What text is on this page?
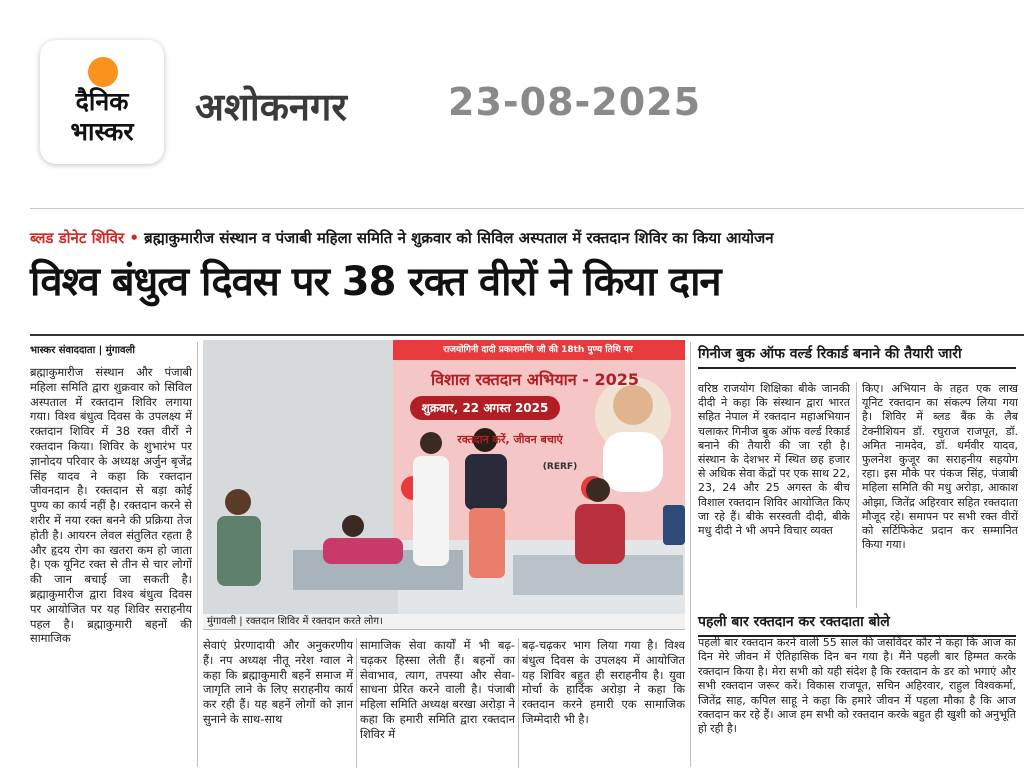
दैनिक
भास्कर
अशोकनगर	23-08-2025
ब्लड डोनेट शिविर • ब्रह्माकुमारीज संस्थान व पंजाबी महिला समिति ने शुक्रवार को सिविल अस्पताल में रक्तदान शिविर का किया आयोजन
विश्व बंधुत्व दिवस पर 38 रक्त वीरों ने किया दान
भास्कर संवाददाता | मुंगावली
ब्रह्माकुमारीज संस्थान और पंजाबी महिला समिति द्वारा शुक्रवार को सिविल अस्पताल में रक्तदान शिविर लगाया गया। विश्व बंधुत्व दिवस के उपलक्ष्य में रक्तदान शिविर में 38 रक्त वीरों ने रक्तदान किया। शिविर के शुभारंभ पर ज्ञानोदय परिवार के अध्यक्ष अर्जुन बृजेंद्र सिंह यादव ने कहा कि रक्तदान जीवनदान है। रक्तदान से बड़ा कोई पुण्य का कार्य नहीं है। रक्तदान करने से शरीर में नया रक्त बनने की प्रक्रिया तेज होती है। आयरन लेवल संतुलित रहता है और हृदय रोग का खतरा कम हो जाता है। एक यूनिट रक्त से तीन से चार लोगों की जान बचाई जा सकती है। ब्रह्माकुमारीज द्वारा विश्व बंधुत्व दिवस पर आयोजित पर यह शिविर सराहनीय पहल है। ब्रह्माकुमारी बहनों की सामाजिक
राजयोगिनी दादी प्रकाशमणि जी की 18th पुण्य तिथि पर
विशाल रक्तदान अभियान - 2025
शुक्रवार, 22 अगस्त 2025
रक्तदान करें, जीवन बचाएं
(RERF)
मुंगावली | रक्तदान शिविर में रक्तदान करते लोग।
सेवाएं प्रेरणादायी और अनुकरणीय हैं। नप अध्यक्ष नीतू नरेश ग्वाल ने कहा कि ब्रह्माकुमारी बहनें समाज में जागृति लाने के लिए सराहनीय कार्य कर रही हैं। यह बहनें लोगों को ज्ञान सुनाने के साथ-साथ
सामाजिक सेवा कार्यों में भी बढ़-चढ़कर हिस्सा लेती हैं। बहनों का सेवाभाव, त्याग, तपस्या और सेवा-साधना प्रेरित करने वाली है। पंजाबी महिला समिति अध्यक्ष बरखा अरोड़ा ने कहा कि हमारी समिति द्वारा रक्तदान शिविर में
बढ़-चढ़कर भाग लिया गया है। विश्व बंधुत्व दिवस के उपलक्ष्य में आयोजित यह शिविर बहुत ही सराहनीय है। युवा मोर्चा के हार्दिक अरोड़ा ने कहा कि रक्तदान करने हमारी एक सामाजिक जिम्मेदारी भी है।
गिनीज बुक ऑफ वर्ल्ड रिकार्ड बनाने की तैयारी जारी
वरिष्ठ राजयोग शिक्षिका बीके जानकी दीदी ने कहा कि संस्थान द्वारा भारत सहित नेपाल में रक्तदान महाअभियान चलाकर गिनीज बुक ऑफ वर्ल्ड रिकार्ड बनाने की तैयारी की जा रही है। संस्थान के देशभर में स्थित छह हजार से अधिक सेवा केंद्रों पर एक साथ 22, 23, 24 और 25 अगस्त के बीच विशाल रक्तदान शिविर आयोजित किए जा रहे हैं। बीके सरस्वती दीदी, बीके मधु दीदी ने भी अपने विचार व्यक्त
किए। अभियान के तहत एक लाख यूनिट रक्तदान का संकल्प लिया गया है। शिविर में ब्लड बैंक के लैब टेक्नीशियन डॉ. रघुराज राजपूत, डॉ. अमित नामदेव, डॉ. धर्मवीर यादव, फुलनेश कुजूर का सराहनीय सहयोग रहा। इस मौके पर पंकज सिंह, पंजाबी महिला समिति की मधु अरोड़ा, आकाश ओझा, जितेंद्र अहिरवार सहित रक्तदाता मौजूद रहे। समापन पर सभी रक्त वीरों को सर्टिफिकेट प्रदान कर सम्मानित किया गया।
पहली बार रक्तदान कर रक्तदाता बोले
पहली बार रक्तदान करने वाली 55 साल की जसविंदर कौर ने कहा कि आज का दिन मेरे जीवन में ऐतिहासिक दिन बन गया है। मैंने पहली बार हिम्मत करके रक्तदान किया है। मेरा सभी को यही संदेश है कि रक्तदान के डर को भगाएं और सभी रक्तदान जरूर करें। विकास राजपूत, सचिन अहिरवार, राहुल विश्वकर्मा, जितेंद्र साह, कपिल साहू ने कहा कि हमारे जीवन में पहला मौका है कि आज रक्तदान कर रहे हैं। आज हम सभी को रक्तदान करके बहुत ही खुशी को अनुभूति हो रही है।
